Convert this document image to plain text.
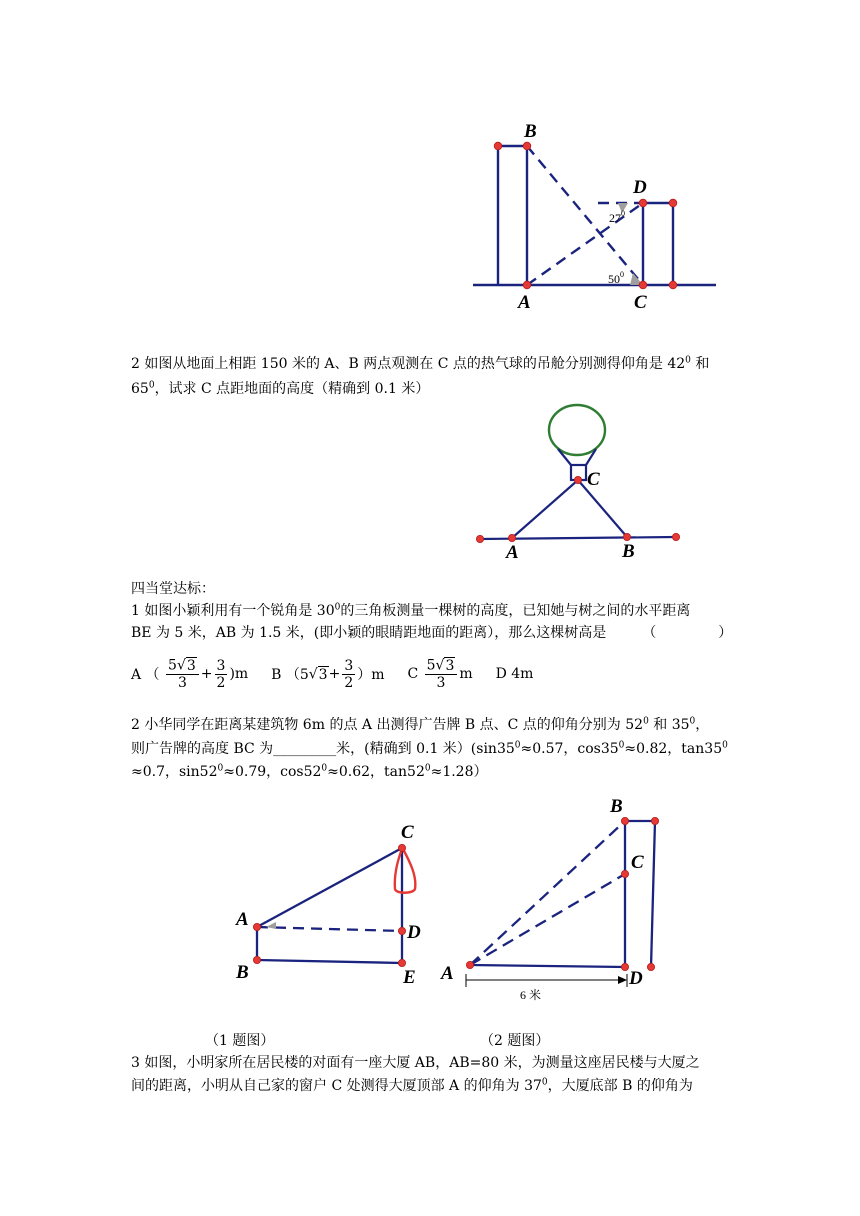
B
D
A	C
$27^0$
$50^0$
2 如图从地面上相距 150 米的 A、B 两点观测在 C 点的热气球的吊舱分别测得仰角是 $42^0$ 和
$65^0$，试求 C 点距地面的高度（精确到 0.1 米）
C
A	B
四当堂达标：
1 如图小颖利用有一个锐角是 $30^0$的三角板测量一棵树的高度，已知她与树之间的水平距离
BE 为 5 米，AB 为 1.5 米，(即小颖的眼睛距地面的距离），那么这棵树高是	（	）
A （ $\frac{5√3}{3} + \frac{3}{2} )m$ B $(5√3+ \frac{3}{2} )m$ C $\frac{5√3}{3}$ m D 4m
2 小华同学在距离某建筑物 6m 的点 A 出测得广告牌 B 点、C 点的仰角分别为 $52^0$ 和 $35^0$，
则广告牌的高度 BC 为_________米，(精确到 0.1 米）($\sin 35^0\approx 0.57$，$\cos 35^0\approx 0.82$，$\tan 35^0$
≈0.7，$\sin 52^0\approx 0.79$，$\cos 52^0\approx 0.62$，$\tan 52^0\approx 1.28$）
C
A
D
B	E
B
C
A	D
6 米
（1 题图）	（2 题图）
3 如图，小明家所在居民楼的对面有一座大厦 AB，AB=80 米，为测量这座居民楼与大厦之
间的距离，小明从自己家的窗户 C 处测得大厦顶部 A 的仰角为 $37^0$，大厦底部 B 的仰角为
